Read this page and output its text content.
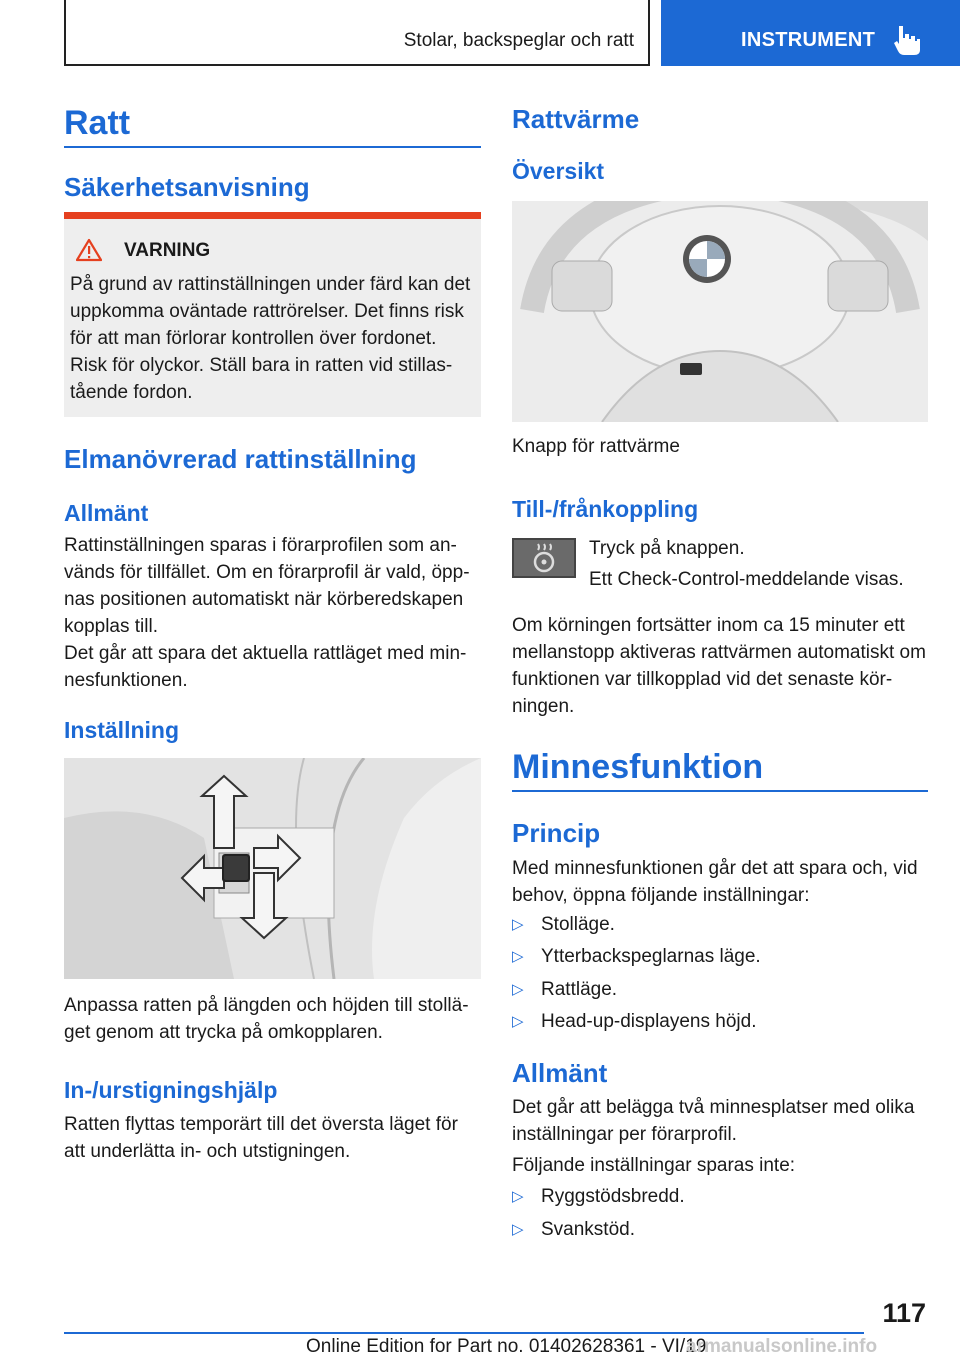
Stolar, backspeglar och ratt	INSTRUMENT
Ratt
Säkerhetsanvisning
VARNING
På grund av rattinställningen under färd kan det uppkomma oväntade rattrörelser. Det finns risk för att man förlorar kontrollen över fordonet. Risk för olyckor. Ställ bara in ratten vid stillastående fordon.
Elmanövrerad rattinställning
Allmänt
Rattinställningen sparas i förarprofilen som används för tillfället. Om en förarprofil är vald, öppnas positionen automatiskt när körberedskapen kopplas till.
Det går att spara det aktuella rattläget med minnesfunktionen.
Inställning
Anpassa ratten på längden och höjden till stolläget genom att trycka på omkopplaren.
In-/urstigningshjälp
Ratten flyttas temporärt till det översta läget för att underlätta in- och utstigningen.
Rattvärme
Översikt
Knapp för rattvärme
Till-/frånkoppling
Tryck på knappen.
Ett Check-Control-meddelande visas.
Om körningen fortsätter inom ca 15 minuter ett mellanstopp aktiveras rattvärmen automatiskt om funktionen var tillkopplad vid det senaste körningen.
Minnesfunktion
Princip
Med minnesfunktionen går det att spara och, vid behov, öppna följande inställningar:
▷ Stolläge.
▷ Ytterbackspeglarnas läge.
▷ Rattläge.
▷ Head-up-displayens höjd.
Allmänt
Det går att belägga två minnesplatser med olika inställningar per förarprofil.
Följande inställningar sparas inte:
▷ Ryggstödsbredd.
▷ Svankstöd.
117
Online Edition for Part no. 01402628361 - VI/19
armanualsonline.info
